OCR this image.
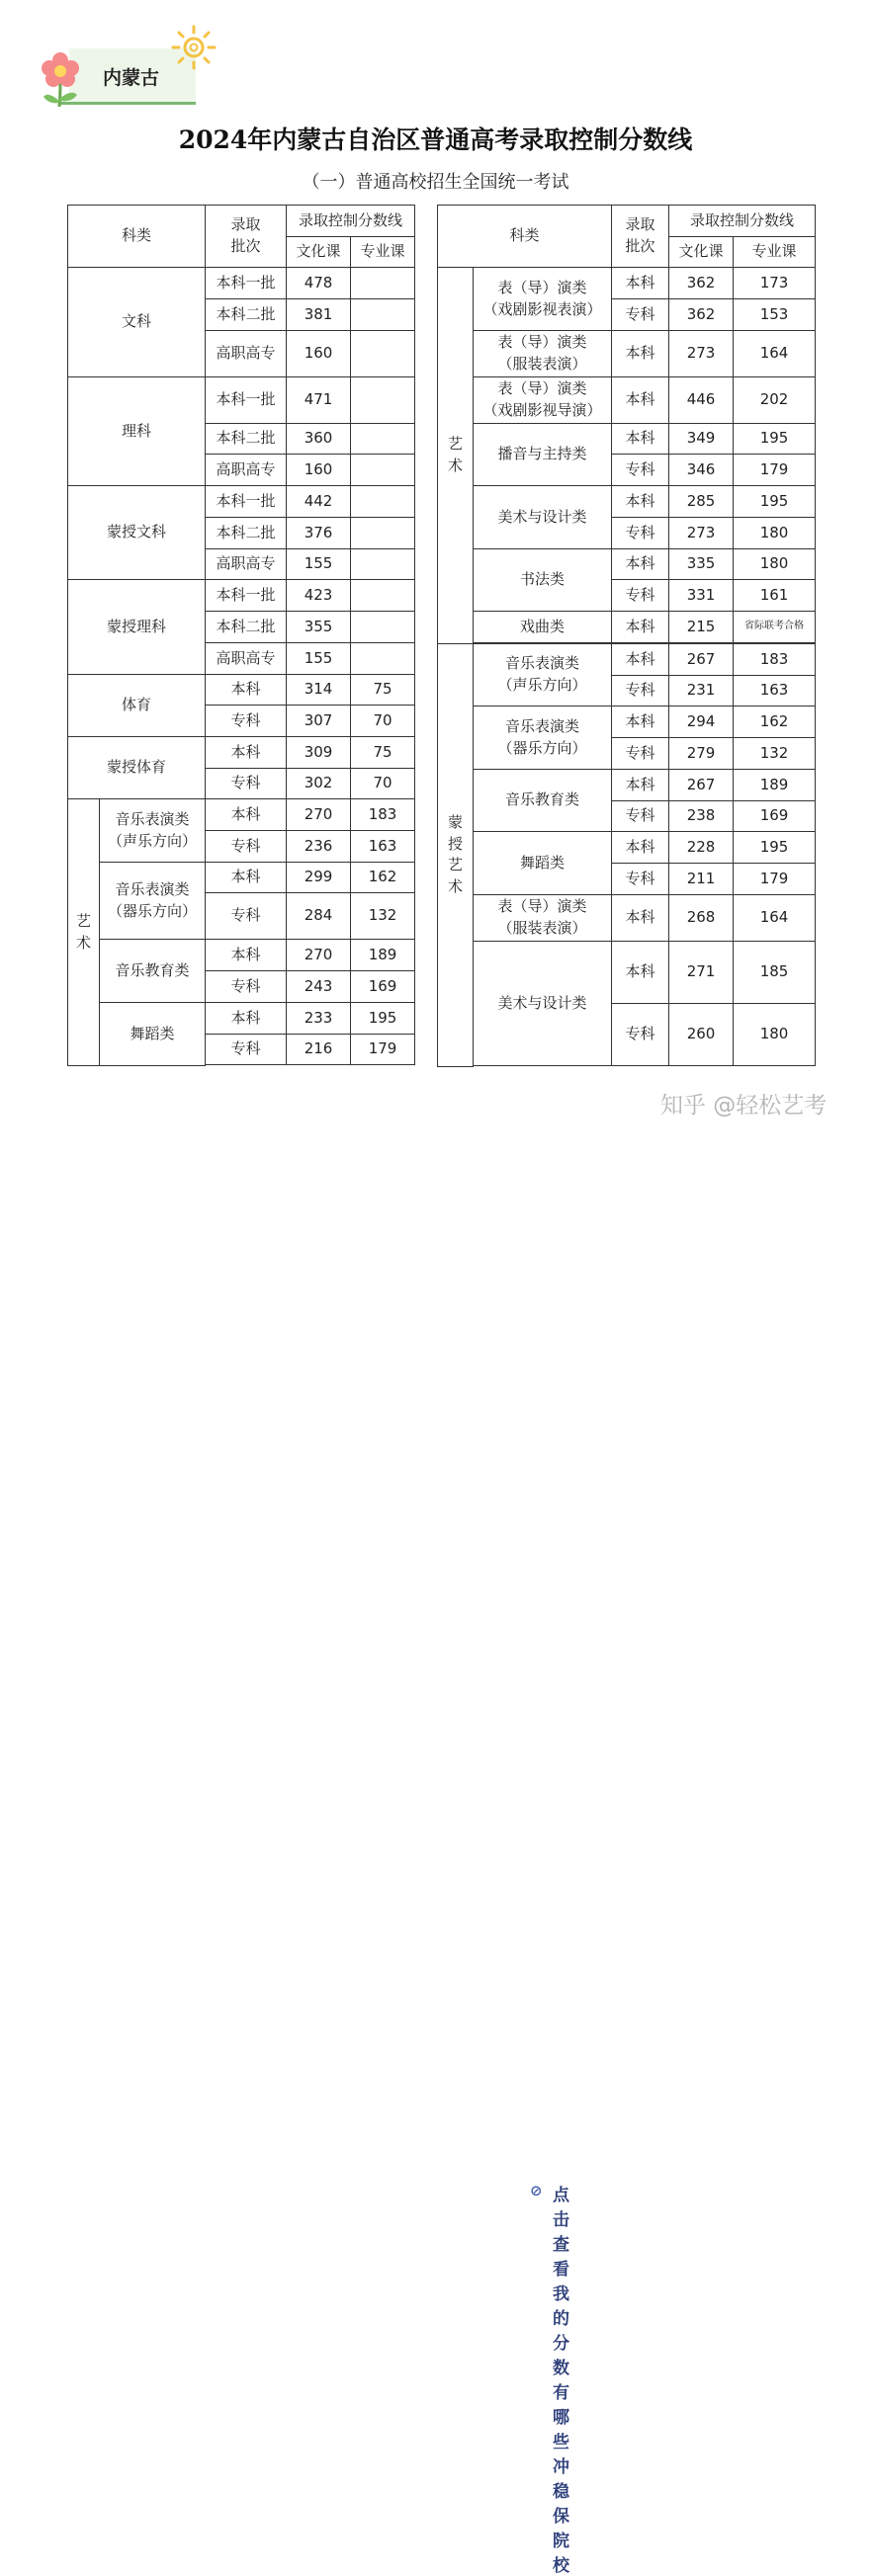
内蒙古
2024年内蒙古自治区普通高考录取控制分数线
（一）普通高校招生全国统一考试
科类		录取
批次	录取控制分数线	
			文化课	专业课
文科		本科一批	478	
		本科二批	381	
		高职高专	160	
理科		本科一批	471	
		本科二批	360	
		高职高专	160	
蒙授文科		本科一批	442	
		本科二批	376	
		高职高专	155	
蒙授理科		本科一批	423	
		本科二批	355	
		高职高专	155	
体育		本科	314	75
		专科	307	70
蒙授体育		本科	309	75
		专科	302	70
艺
术	音乐表演类
（声乐方向）	本科	270	183
		专科	236	163
	音乐表演类
（器乐方向）	本科	299	162
		专科	284	132
	音乐教育类	本科	270	189
		专科	243	169
	舞蹈类	本科	233	195
		专科	216	179

科类		录取
批次	录取控制分数线	
			文化课	专业课
艺
术	表（导）演类
（戏剧影视表演）	本科	362	173
		专科	362	153
	表（导）演类
（服装表演）	本科	273	164
	表（导）演类
（戏剧影视导演）	本科	446	202
	播音与主持类	本科	349	195
		专科	346	179
	美术与设计类	本科	285	195
		专科	273	180
	书法类	本科	335	180
		专科	331	161
	戏曲类	本科	215	省际联考合格

蒙
授
艺
术	音乐表演类
（声乐方向）	本科	267	183
		专科	231	163
	音乐表演类
（器乐方向）	本科	294	162
		专科	279	132
	音乐教育类	本科	267	189
		专科	238	169
	舞蹈类	本科	228	195
		专科	211	179
	表（导）演类
（服装表演）	本科	268	164
	美术与设计类	本科	271	185
		专科	260	180

⊘ 点击查看我的分数有哪些冲稳保院校
知乎 @轻松艺考
